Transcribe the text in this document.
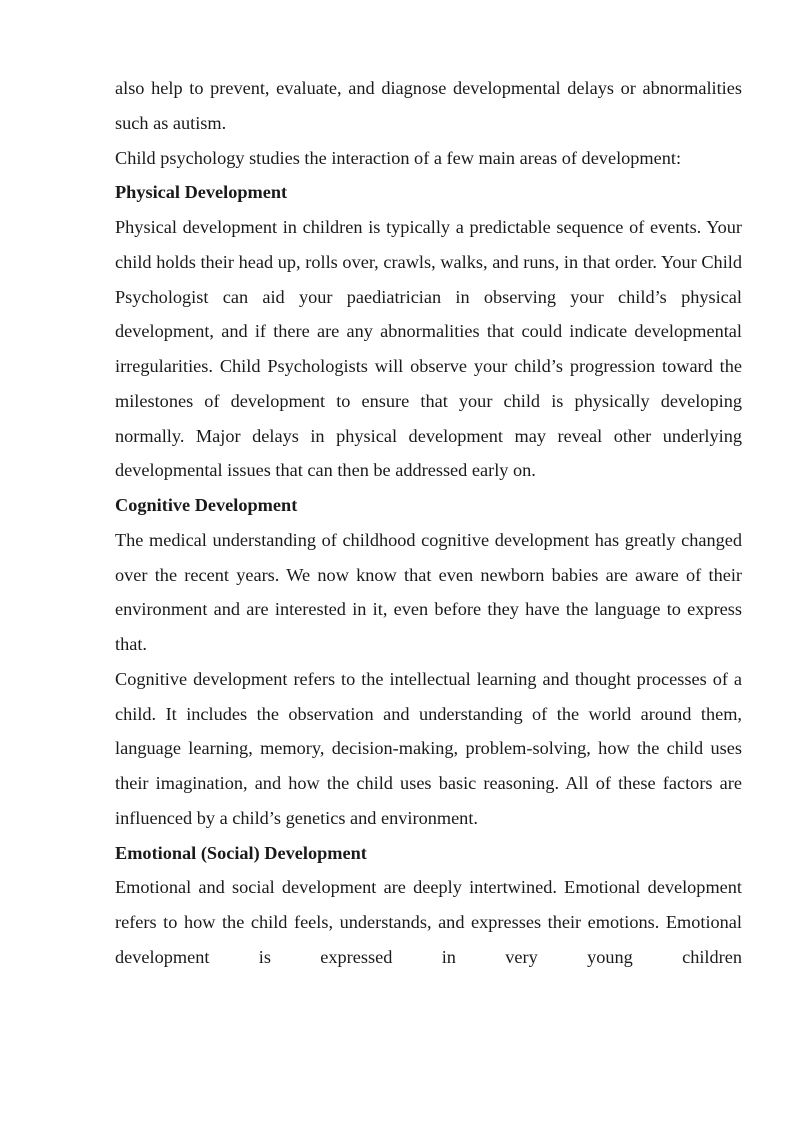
also help to prevent, evaluate, and diagnose developmental delays or abnormalities such as autism.

Child psychology studies the interaction of a few main areas of development:

Physical Development

Physical development in children is typically a predictable sequence of events. Your child holds their head up, rolls over, crawls, walks, and runs, in that order. Your Child Psychologist can aid your paediatrician in observing your child’s physical development, and if there are any abnormalities that could indicate developmental irregularities. Child Psychologists will observe your child’s progression toward the milestones of development to ensure that your child is physically developing normally. Major delays in physical development may reveal other underlying developmental issues that can then be addressed early on.

Cognitive Development

The medical understanding of childhood cognitive development has greatly changed over the recent years. We now know that even newborn babies are aware of their environment and are interested in it, even before they have the language to express that.

Cognitive development refers to the intellectual learning and thought processes of a child. It includes the observation and understanding of the world around them, language learning, memory, decision-making, problem-solving, how the child uses their imagination, and how the child uses basic reasoning. All of these factors are influenced by a child’s genetics and environment.

Emotional (Social) Development

Emotional and social development are deeply intertwined. Emotional development refers to how the child feels, understands, and expresses their emotions. Emotional development is expressed in very young children
